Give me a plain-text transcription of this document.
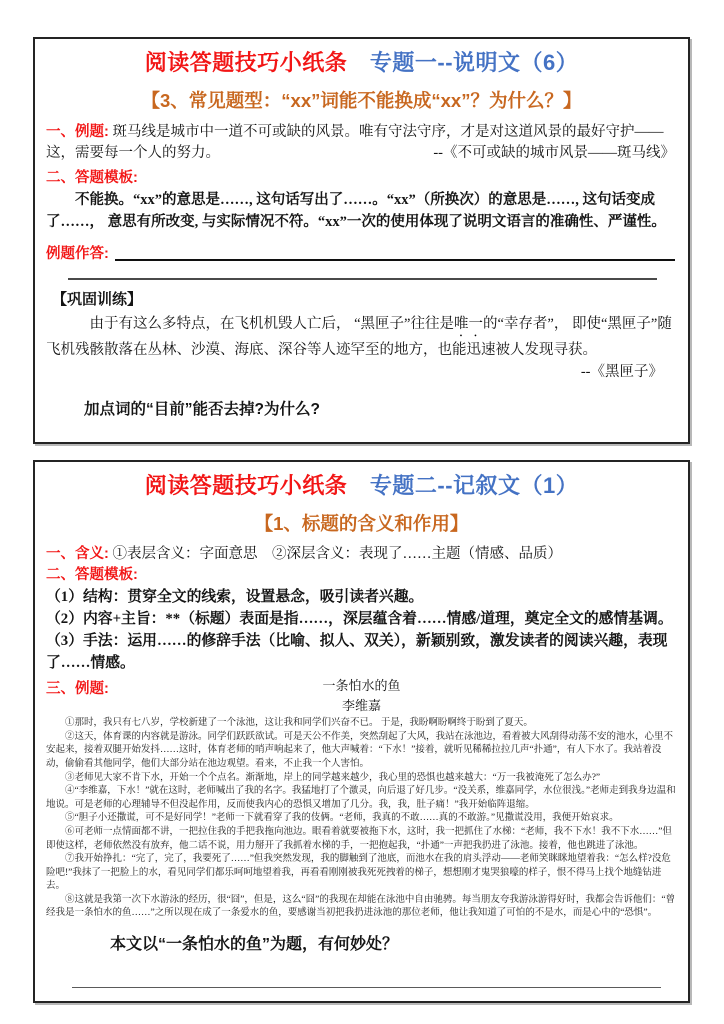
阅读答题技巧小纸条 专题一--说明文（6）
【3、常见题型：“xx”词能不能换成“xx”？为什么？】

一、例题: 斑马线是城市中一道不可或缺的风景。唯有守法守序，才是对这道风景的最好守护——这，需要每一个人的努力。	--《不可或缺的城市风景——斑马线》

二、答题模板:

不能换。“xx”的意思是……, 这句话写出了……。“xx”（所换次）的意思是……, 这句话变成了……， 意思有所改变, 与实际情况不符。“xx”一次的使用体现了说明文语言的准确性、严谨性。

例题作答:
【巩固训练】

由于有这么多特点，在飞机机毁人亡后， “黑匣子”往往是唯一的“幸存者”， 即使“黑匣子”随飞机残骸散落在丛林、沙漠、海底、深谷等人迹罕至的地方，也能迅速被人发现寻获。

--《黑匣子》
加点词的“目前”能否去掉?为什么?
阅读答题技巧小纸条 专题二--记叙文（1）
【1、标题的含义和作用】

一、含义: ①表层含义：字面意思　②深层含义：表现了……主题（情感、品质）

二、答题模板:
（1）结构：贯穿全文的线索，设置悬念，吸引读者兴趣。
（2）内容+主旨：**（标题）表面是指……，深层蕴含着……情感/道理，奠定全文的感情基调。
（3）手法：运用……的修辞手法（比喻、拟人、双关），新颖别致，激发读者的阅读兴趣，表现了……情感。
三、例题:	一条怕水的鱼
李维嘉

①那时，我只有七八岁，学校新建了一个泳池，这让我和同学们兴奋不已。 于是，我盼啊盼啊终于盼到了夏天。

②这天，体育课的内容就是游泳。同学们跃跃欲试。可是天公不作美，突然刮起了大风，我站在泳池边，看着被大风刮得动荡不安的池水，心里不安起来，接着双腿开始发抖……这时，体育老师的哨声响起来了，他大声喊着：“下水！”接着，就听见稀稀拉拉几声“扑通”，有人下水了。我站着没动，偷偷看其他同学，他们大部分站在池边观望。看来，不止我一个人害怕。

③老师见大家不肯下水，开始一个个点名。渐渐地，岸上的同学越来越少，我心里的恐惧也越来越大：“万一我被淹死了怎么办?”

④“李维嘉，下水！”就在这时，老师喊出了我的名字。我猛地打了个激灵，向后退了好几步。“没关系，维嘉同学，水位很浅。”老师走到我身边温和地说。可是老师的心理辅导不但没起作用，反而使我内心的恐惧又增加了几分。我，我，肚子痛！”我开始临阵退缩。

⑤“胆子小还撒谎，可不是好同学！”老师一下就看穿了我的伎俩。“老师，我真的不敢……真的不敢游。”见撒谎没用，我便开始哀求。

⑥可老师一点情面都不讲，一把拉住我的手把我拖向池边。眼看着就要被拖下水，这时，我一把抓住了水梯：“老师，我不下水！我不下水……”但即使这样，老师依然没有放弃，他二话不说，用力掰开了我抓着水梯的手，一把抱起我，“扑通”一声把我扔进了泳池。接着，他也跳进了泳池。

⑦我开始挣扎：“完了，完了，我要死了……”但我突然发现，我的脚触到了池底，而池水在我的肩头浮动——老师笑眯眯地望着我：“怎么样?没危险吧!”我抹了一把脸上的水，看见同学们都乐呵呵地望着我，再看看刚刚被我死死拽着的梯子，想想刚才鬼哭狼嚎的样子，恨不得马上找个地缝钻进去。

⑧这就是我第一次下水游泳的经历，很“囧”，但是，这么“囧”的我现在却能在泳池中自由驰骋。每当朋友夸我游泳游得好时，我都会告诉他们：“曾经我是一条怕水的鱼……”之所以现在成了一条爱水的鱼，要感谢当初把我扔进泳池的那位老师，他让我知道了可怕的不是水，而是心中的“恐惧”。

本文以“一条怕水的鱼”为题，有何妙处？
